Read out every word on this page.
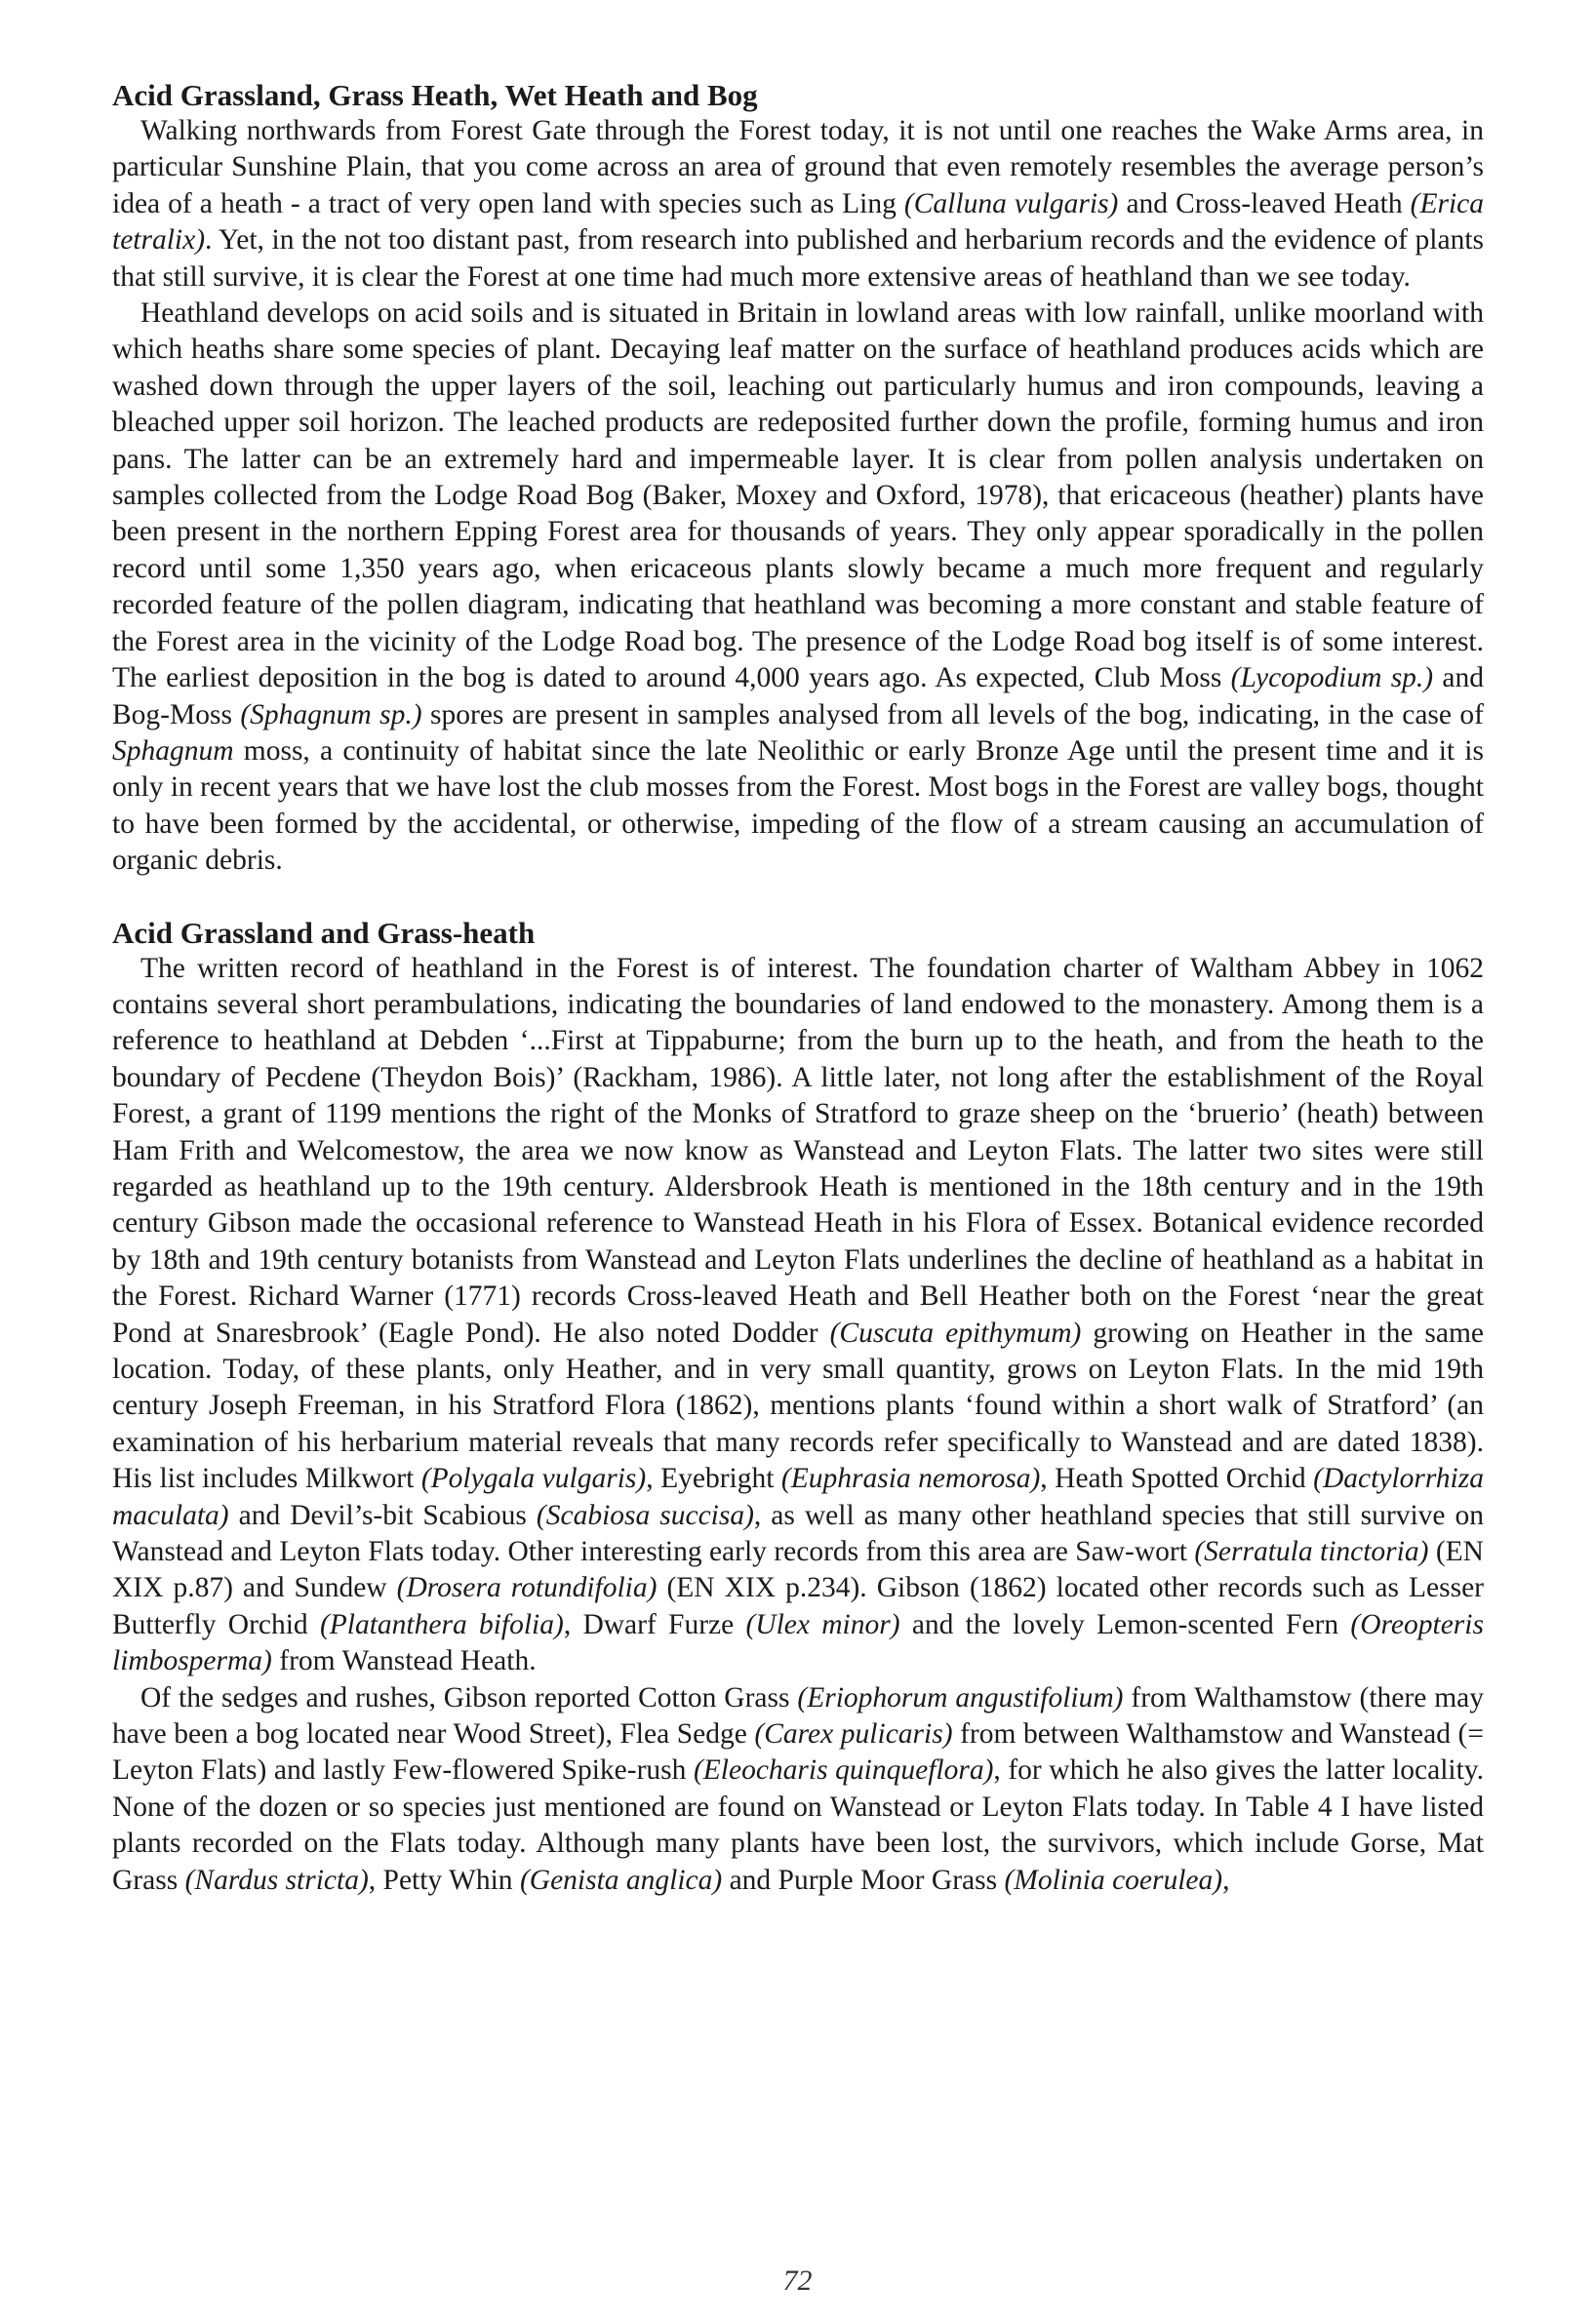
Acid Grassland, Grass Heath, Wet Heath and Bog

Walking northwards from Forest Gate through the Forest today, it is not until one reaches the Wake Arms area, in particular Sunshine Plain, that you come across an area of ground that even remotely resembles the average person’s idea of a heath - a tract of very open land with species such as Ling (Calluna vulgaris) and Cross-leaved Heath (Erica tetralix). Yet, in the not too distant past, from research into published and herbarium records and the evidence of plants that still survive, it is clear the Forest at one time had much more extensive areas of heathland than we see today.

Heathland develops on acid soils and is situated in Britain in lowland areas with low rainfall, unlike moorland with which heaths share some species of plant. Decaying leaf matter on the surface of heathland produces acids which are washed down through the upper layers of the soil, leaching out particularly humus and iron compounds, leaving a bleached upper soil horizon. The leached products are redeposited further down the profile, forming humus and iron pans. The latter can be an extremely hard and impermeable layer. It is clear from pollen analysis undertaken on samples collected from the Lodge Road Bog (Baker, Moxey and Oxford, 1978), that ericaceous (heather) plants have been present in the northern Epping Forest area for thousands of years. They only appear sporadically in the pollen record until some 1,350 years ago, when ericaceous plants slowly became a much more frequent and regularly recorded feature of the pollen diagram, indicating that heathland was becoming a more constant and stable feature of the Forest area in the vicinity of the Lodge Road bog. The presence of the Lodge Road bog itself is of some interest. The earliest deposition in the bog is dated to around 4,000 years ago. As expected, Club Moss (Lycopodium sp.) and Bog-Moss (Sphagnum sp.) spores are present in samples analysed from all levels of the bog, indicating, in the case of Sphagnum moss, a continuity of habitat since the late Neolithic or early Bronze Age until the present time and it is only in recent years that we have lost the club mosses from the Forest. Most bogs in the Forest are valley bogs, thought to have been formed by the accidental, or otherwise, impeding of the flow of a stream causing an accumulation of organic debris.

Acid Grassland and Grass-heath

The written record of heathland in the Forest is of interest. The foundation charter of Waltham Abbey in 1062 contains several short perambulations, indicating the boundaries of land endowed to the monastery. Among them is a reference to heathland at Debden ‘...First at Tippaburne; from the burn up to the heath, and from the heath to the boundary of Pecdene (Theydon Bois)’ (Rackham, 1986). A little later, not long after the establishment of the Royal Forest, a grant of 1199 mentions the right of the Monks of Stratford to graze sheep on the ‘bruerio’ (heath) between Ham Frith and Welcomestow, the area we now know as Wanstead and Leyton Flats. The latter two sites were still regarded as heathland up to the 19th century. Aldersbrook Heath is mentioned in the 18th century and in the 19th century Gibson made the occasional reference to Wanstead Heath in his Flora of Essex. Botanical evidence recorded by 18th and 19th century botanists from Wanstead and Leyton Flats underlines the decline of heathland as a habitat in the Forest. Richard Warner (1771) records Cross-leaved Heath and Bell Heather both on the Forest ‘near the great Pond at Snaresbrook’ (Eagle Pond). He also noted Dodder (Cuscuta epithymum) growing on Heather in the same location. Today, of these plants, only Heather, and in very small quantity, grows on Leyton Flats. In the mid 19th century Joseph Freeman, in his Stratford Flora (1862), mentions plants ‘found within a short walk of Stratford’ (an examination of his herbarium material reveals that many records refer specifically to Wanstead and are dated 1838). His list includes Milkwort (Polygala vulgaris), Eyebright (Euphrasia nemorosa), Heath Spotted Orchid (Dactylorrhiza maculata) and Devil’s-bit Scabious (Scabiosa succisa), as well as many other heathland species that still survive on Wanstead and Leyton Flats today. Other interesting early records from this area are Saw-wort (Serratula tinctoria) (EN XIX p.87) and Sundew (Drosera rotundifolia) (EN XIX p.234). Gibson (1862) located other records such as Lesser Butterfly Orchid (Platanthera bifolia), Dwarf Furze (Ulex minor) and the lovely Lemon-scented Fern (Oreopteris limbosperma) from Wanstead Heath.

Of the sedges and rushes, Gibson reported Cotton Grass (Eriophorum angustifolium) from Walthamstow (there may have been a bog located near Wood Street), Flea Sedge (Carex pulicaris) from between Walthamstow and Wanstead (= Leyton Flats) and lastly Few-flowered Spike-rush (Eleocharis quinqueflora), for which he also gives the latter locality. None of the dozen or so species just mentioned are found on Wanstead or Leyton Flats today. In Table 4 I have listed plants recorded on the Flats today. Although many plants have been lost, the survivors, which include Gorse, Mat Grass (Nardus stricta), Petty Whin (Genista anglica) and Purple Moor Grass (Molinia coerulea),

72
